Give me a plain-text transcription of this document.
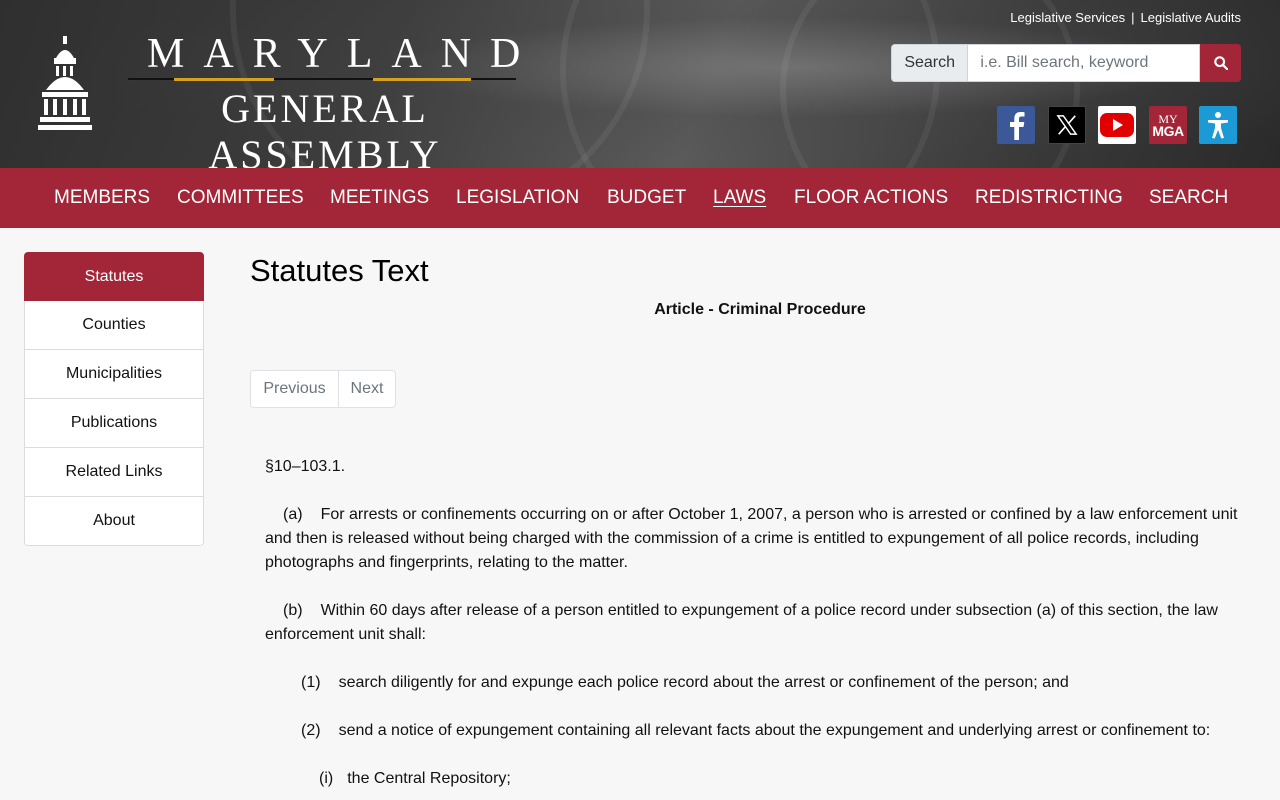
MARYLAND
GENERAL ASSEMBLY
Legislative Services | Legislative Audits
Search
i.e. Bill search, keyword
MY
MGA
MEMBERS COMMITTEES MEETINGS LEGISLATION BUDGET LAWS FLOOR ACTIONS REDISTRICTING SEARCH
Statutes
Counties
Municipalities
Publications
Related Links
About
Statutes Text
Article - Criminal Procedure
Previous	Next

§10–103.1.

(a) For arrests or confinements occurring on or after October 1, 2007, a person who is arrested or confined by a law enforcement unit and then is released without being charged with the commission of a crime is entitled to expungement of all police records, including photographs and fingerprints, relating to the matter.

(b) Within 60 days after release of a person entitled to expungement of a police record under subsection (a) of this section, the law enforcement unit shall:

(1) search diligently for and expunge each police record about the arrest or confinement of the person; and

(2) send a notice of expungement containing all relevant facts about the expungement and underlying arrest or confinement to:

(i) the Central Repository;
